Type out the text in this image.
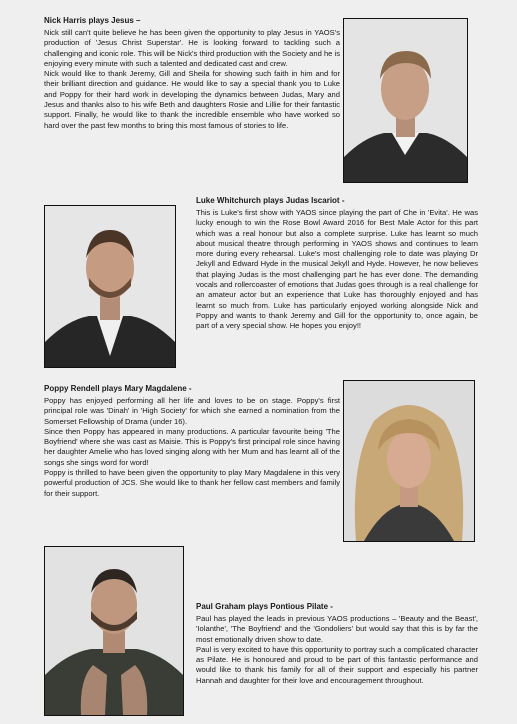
Nick Harris plays Jesus –

Nick still can't quite believe he has been given the opportunity to play Jesus in YAOS's production of 'Jesus Christ Superstar'. He is looking forward to tackling such a challenging and iconic role. This will be Nick's third production with the Society and he is enjoying every minute with such a talented and dedicated cast and crew.

Nick would like to thank Jeremy, Gill and Sheila for showing such faith in him and for their brilliant direction and guidance. He would like to say a special thank you to Luke and Poppy for their hard work in developing the dynamics between Judas, Mary and Jesus and thanks also to his wife Beth and daughters Rosie and Lillie for their fantastic support. Finally, he would like to thank the incredible ensemble who have worked so hard over the past few months to bring this most famous of stories to life.

Luke Whitchurch plays Judas Iscariot -

This is Luke's first show with YAOS since playing the part of Che in 'Evita'. He was lucky enough to win the Rose Bowl Award 2016 for Best Male Actor for this part which was a real honour but also a complete surprise. Luke has learnt so much about musical theatre through performing in YAOS shows and continues to learn more during every rehearsal. Luke's most challenging role to date was playing Dr Jekyll and Edward Hyde in the musical Jekyll and Hyde. However, he now believes that playing Judas is the most challenging part he has ever done. The demanding vocals and rollercoaster of emotions that Judas goes through is a real challenge for an amateur actor but an experience that Luke has thoroughly enjoyed and has learnt so much from. Luke has particularly enjoyed working alongside Nick and Poppy and wants to thank Jeremy and Gill for the opportunity to, once again, be part of a very special show. He hopes you enjoy!!

Poppy Rendell plays Mary Magdalene -

Poppy has enjoyed performing all her life and loves to be on stage. Poppy's first principal role was 'Dinah' in 'High Society' for which she earned a nomination from the Somerset Fellowship of Drama (under 16).

Since then Poppy has appeared in many productions. A particular favourite being 'The Boyfriend' where she was cast as Maisie. This is Poppy's first principal role since having her daughter Amelie who has loved singing along with her Mum and has learnt all of the songs she sings word for word!

Poppy is thrilled to have been given the opportunity to play Mary Magdalene in this very powerful production of JCS. She would like to thank her fellow cast members and family for their support.

Paul Graham plays Pontious Pilate -

Paul has played the leads in previous YAOS productions – 'Beauty and the Beast', 'Iolanthe', 'The Boyfriend' and the 'Gondoliers' but would say that this is by far the most emotionally driven show to date.

Paul is very excited to have this opportunity to portray such a complicated character as Pilate. He is honoured and proud to be part of this fantastic performance and would like to thank his family for all of their support and especially his partner Hannah and daughter for their love and encouragement throughout.
